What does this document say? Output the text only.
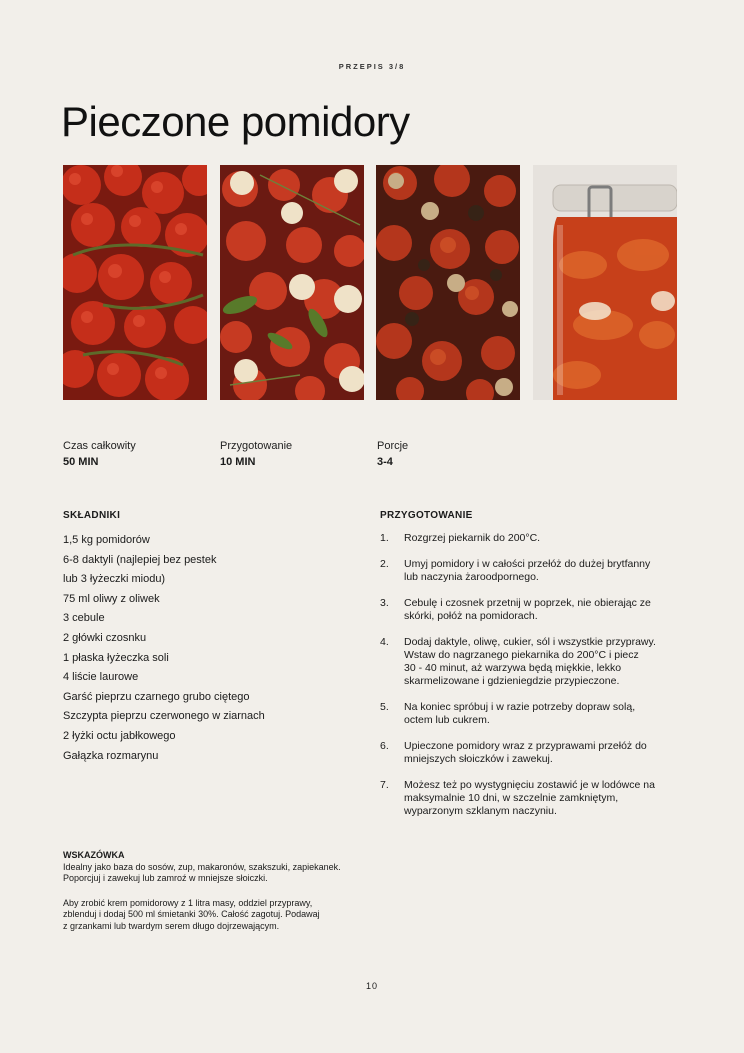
PRZEPIS 3/8
Pieczone pomidory
Czas całkowity
50 MIN
Przygotowanie
10 MIN
Porcje
3-4
SKŁADNIKI
1,5 kg pomidorów
6-8 daktyli (najlepiej bez pestek
lub 3 łyżeczki miodu)
75 ml oliwy z oliwek
3 cebule
2 główki czosnku
1 płaska łyżeczka soli
4 liście laurowe
Garść pieprzu czarnego grubo ciętego
Szczypta pieprzu czerwonego w ziarnach
2 łyżki octu jabłkowego
Gałązka rozmarynu
PRZYGOTOWANIE
1. Rozgrzej piekarnik do 200°C.
2. Umyj pomidory i w całości przełóż do dużej brytfanny
lub naczynia żaroodpornego.
3. Cebulę i czosnek przetnij w poprzek, nie obierając ze
skórki, połóż na pomidorach.
4. Dodaj daktyle, oliwę, cukier, sól i wszystkie przyprawy.
Wstaw do nagrzanego piekarnika do 200°C i piecz
30 - 40 minut, aż warzywa będą miękkie, lekko
skarmelizowane i gdzieniegdzie przypieczone.
5. Na koniec spróbuj i w razie potrzeby dopraw solą,
octem lub cukrem.
6. Upieczone pomidory wraz z przyprawami przełóż do
mniejszych słoiczków i zawekuj.
7. Możesz też po wystygnięciu zostawić je w lodówce na
maksymalnie 10 dni, w szczelnie zamkniętym,
wyparzonym szklanym naczyniu.

WSKAZÓWKA

Idealny jako baza do sosów, zup, makaronów, szakszuki, zapiekanek.

Poporcjuj i zawekuj lub zamroź w mniejsze słoiczki.

Aby zrobić krem pomidorowy z 1 litra masy, oddziel przyprawy,

zblenduj i dodaj 500 ml śmietanki 30%. Całość zagotuj. Podawaj

z grzankami lub twardym serem długo dojrzewającym.

10
